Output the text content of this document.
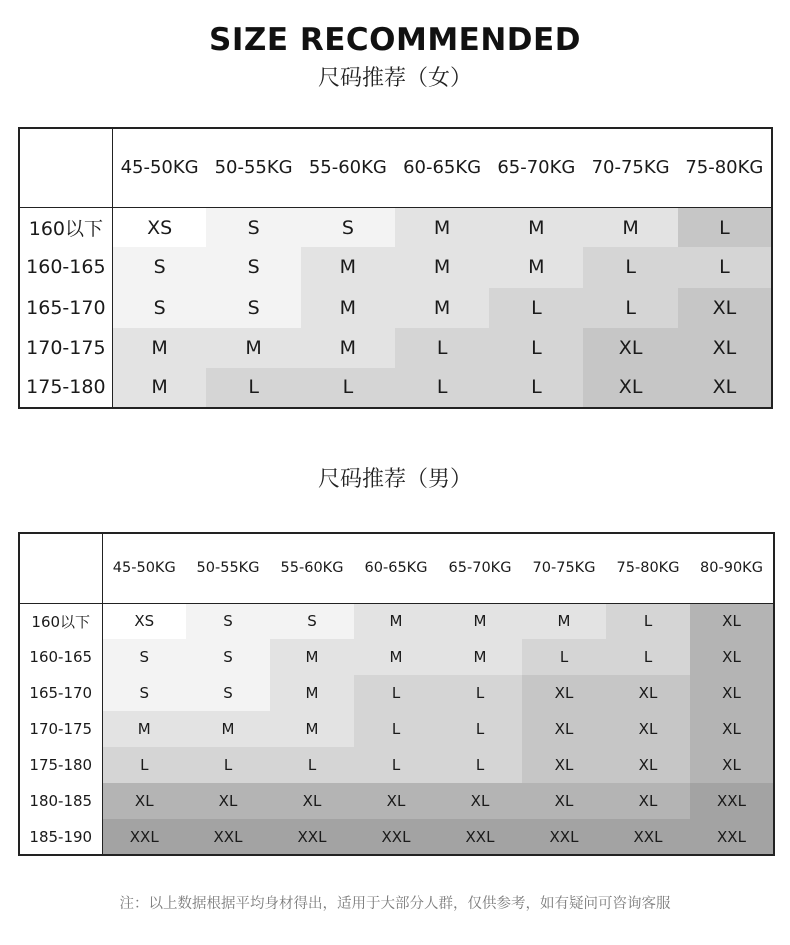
SIZE RECOMMENDED
尺码推荐（女）
	45-50KG	50-55KG	55-60KG	60-65KG	65-70KG	70-75KG	75-80KG
160以下	XS	S	S	M	M	M	L
160-165	S	S	M	M	M	L	L
165-170	S	S	M	M	L	L	XL
170-175	M	M	M	L	L	XL	XL
175-180	M	L	L	L	L	XL	XL
尺码推荐（男）
	45-50KG	50-55KG	55-60KG	60-65KG	65-70KG	70-75KG	75-80KG	80-90KG
160以下	XS	S	S	M	M	M	L	XL
160-165	S	S	M	M	M	L	L	XL
165-170	S	S	M	L	L	XL	XL	XL
170-175	M	M	M	L	L	XL	XL	XL
175-180	L	L	L	L	L	XL	XL	XL
180-185	XL	XL	XL	XL	XL	XL	XL	XXL
185-190	XXL	XXL	XXL	XXL	XXL	XXL	XXL	XXL
注：以上数据根据平均身材得出，适用于大部分人群，仅供参考，如有疑问可咨询客服
